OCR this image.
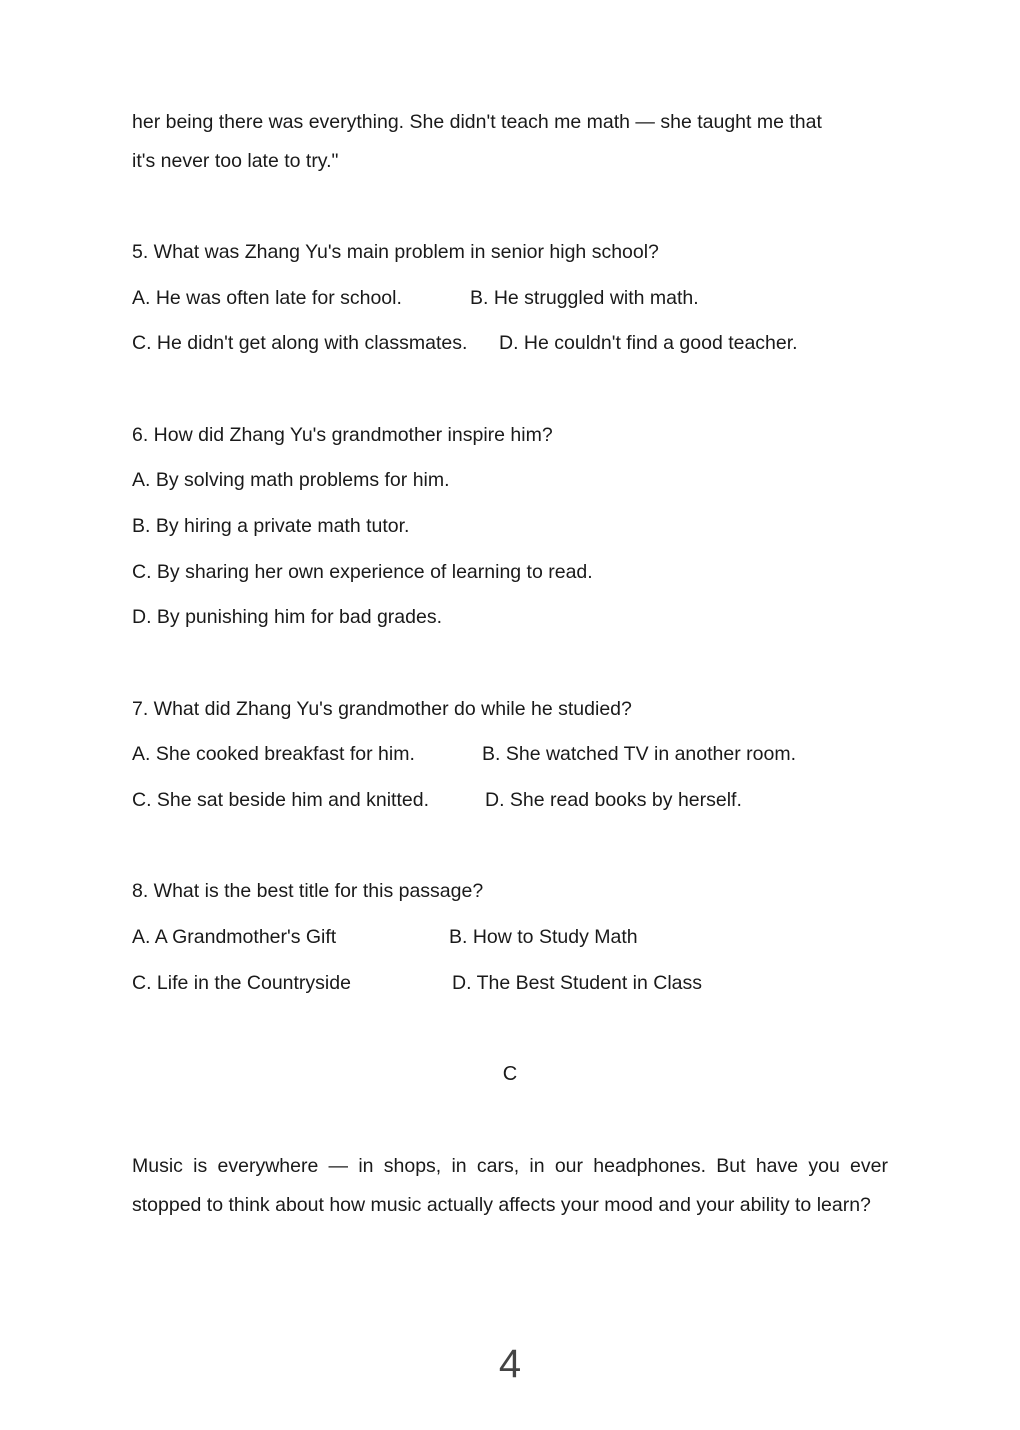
her being there was everything. She didn't teach me math — she taught me that
it's never too late to try."
5. What was Zhang Yu's main problem in senior high school?
A. He was often late for school.	B. He struggled with math.
C. He didn't get along with classmates. D. He couldn't find a good teacher.
6. How did Zhang Yu's grandmother inspire him?
A. By solving math problems for him.
B. By hiring a private math tutor.
C. By sharing her own experience of learning to read.
D. By punishing him for bad grades.
7. What did Zhang Yu's grandmother do while he studied?
A. She cooked breakfast for him.	B. She watched TV in another room.
C. She sat beside him and knitted.	D. She read books by herself.
8. What is the best title for this passage?
A. A Grandmother's Gift	B. How to Study Math
C. Life in the Countryside	D. The Best Student in Class
C
Music is everywhere — in shops, in cars, in our headphones. But have you ever stopped to think about how music actually affects your mood and your ability to learn?
4
